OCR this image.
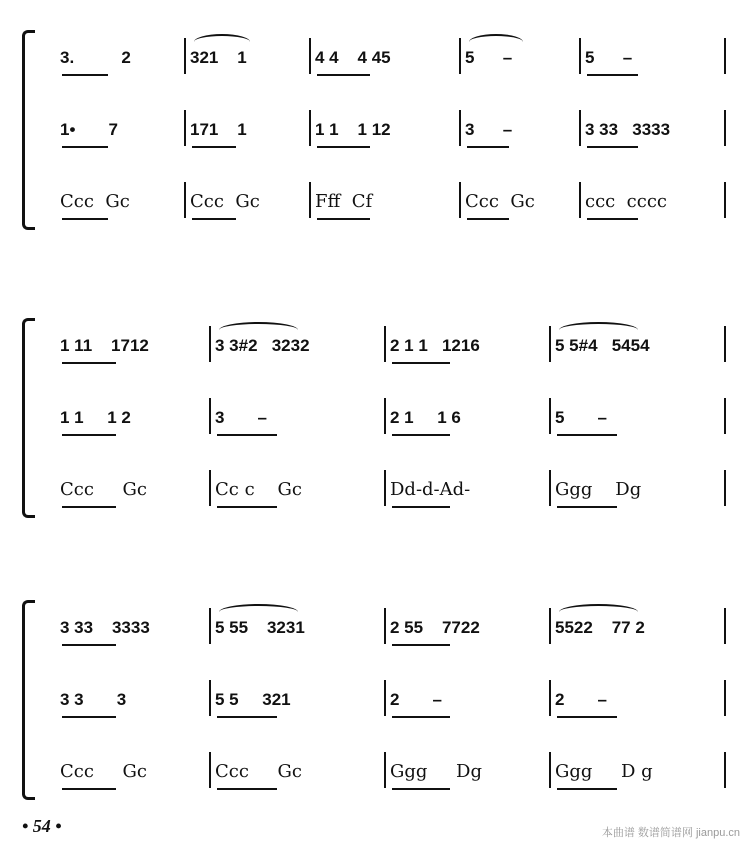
3.          2	321    1	4 4    4 45	5      –	5      –
1•       7	171    1	1 1    1 12	3      –	3 33   3333
Ccc  Gc	Ccc  Gc	Fff  Cf	Ccc  Gc	ccc  cccc
1 11    1712	3 3#2   3232	2 1 1   1216	5 5#4   5454
1 1     1 2	3       –	2 1     1 6	5       –
Ccc     Gc	Cc c    Gc	Dd-d-Ad-	Ggg    Dg
3 33    3333	5 55    3231	2 55    7722	5522    77 2
3 3       3	5 5     321	2       –	2       –
Ccc     Gc	Ccc     Gc	Ggg     Dg	Ggg     D g
• 54 •	本曲谱 数谱简谱网 jianpu.cn
